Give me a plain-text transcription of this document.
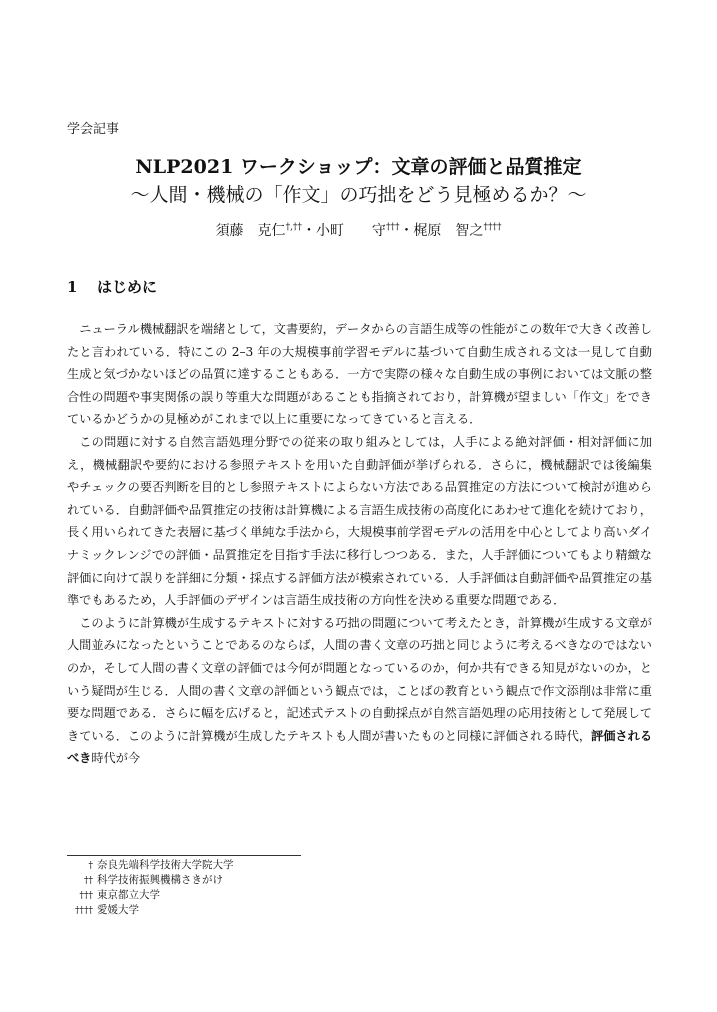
学会記事
NLP2021 ワークショップ：文章の評価と品質推定
～人間・機械の「作文」の巧拙をどう見極めるか？～
須藤　克仁†,††・小町　　守†††・梶原　智之††††
1 はじめに

ニューラル機械翻訳を端緒として，文書要約，データからの言語生成等の性能がこの数年で大きく改善したと言われている．特にこの 2–3 年の大規模事前学習モデルに基づいて自動生成される文は一見して自動生成と気づかないほどの品質に達することもある．一方で実際の様々な自動生成の事例においては文脈の整合性の問題や事実関係の誤り等重大な問題があることも指摘されており，計算機が望ましい「作文」をできているかどうかの見極めがこれまで以上に重要になってきていると言える．

この問題に対する自然言語処理分野での従来の取り組みとしては，人手による絶対評価・相対評価に加え，機械翻訳や要約における参照テキストを用いた自動評価が挙げられる．さらに，機械翻訳では後編集やチェックの要否判断を目的とし参照テキストによらない方法である品質推定の方法について検討が進められている．自動評価や品質推定の技術は計算機による言語生成技術の高度化にあわせて進化を続けており，長く用いられてきた表層に基づく単純な手法から，大規模事前学習モデルの活用を中心としてより高いダイナミックレンジでの評価・品質推定を目指す手法に移行しつつある．また，人手評価についてもより精緻な評価に向けて誤りを詳細に分類・採点する評価方法が模索されている．人手評価は自動評価や品質推定の基準でもあるため，人手評価のデザインは言語生成技術の方向性を決める重要な問題である．

このように計算機が生成するテキストに対する巧拙の問題について考えたとき，計算機が生成する文章が人間並みになったということであるのならば，人間の書く文章の巧拙と同じように考えるべきなのではないのか，そして人間の書く文章の評価では今何が問題となっているのか，何か共有できる知見がないのか，という疑問が生じる．人間の書く文章の評価という観点では，ことばの教育という観点で作文添削は非常に重要な問題である．さらに幅を広げると，記述式テストの自動採点が自然言語処理の応用技術として発展してきている．このように計算機が生成したテキストも人間が書いたものと同様に評価される時代，評価されるべき時代が今

† 奈良先端科学技術大学院大学
†† 科学技術振興機構さきがけ
††† 東京都立大学
†††† 愛媛大学
